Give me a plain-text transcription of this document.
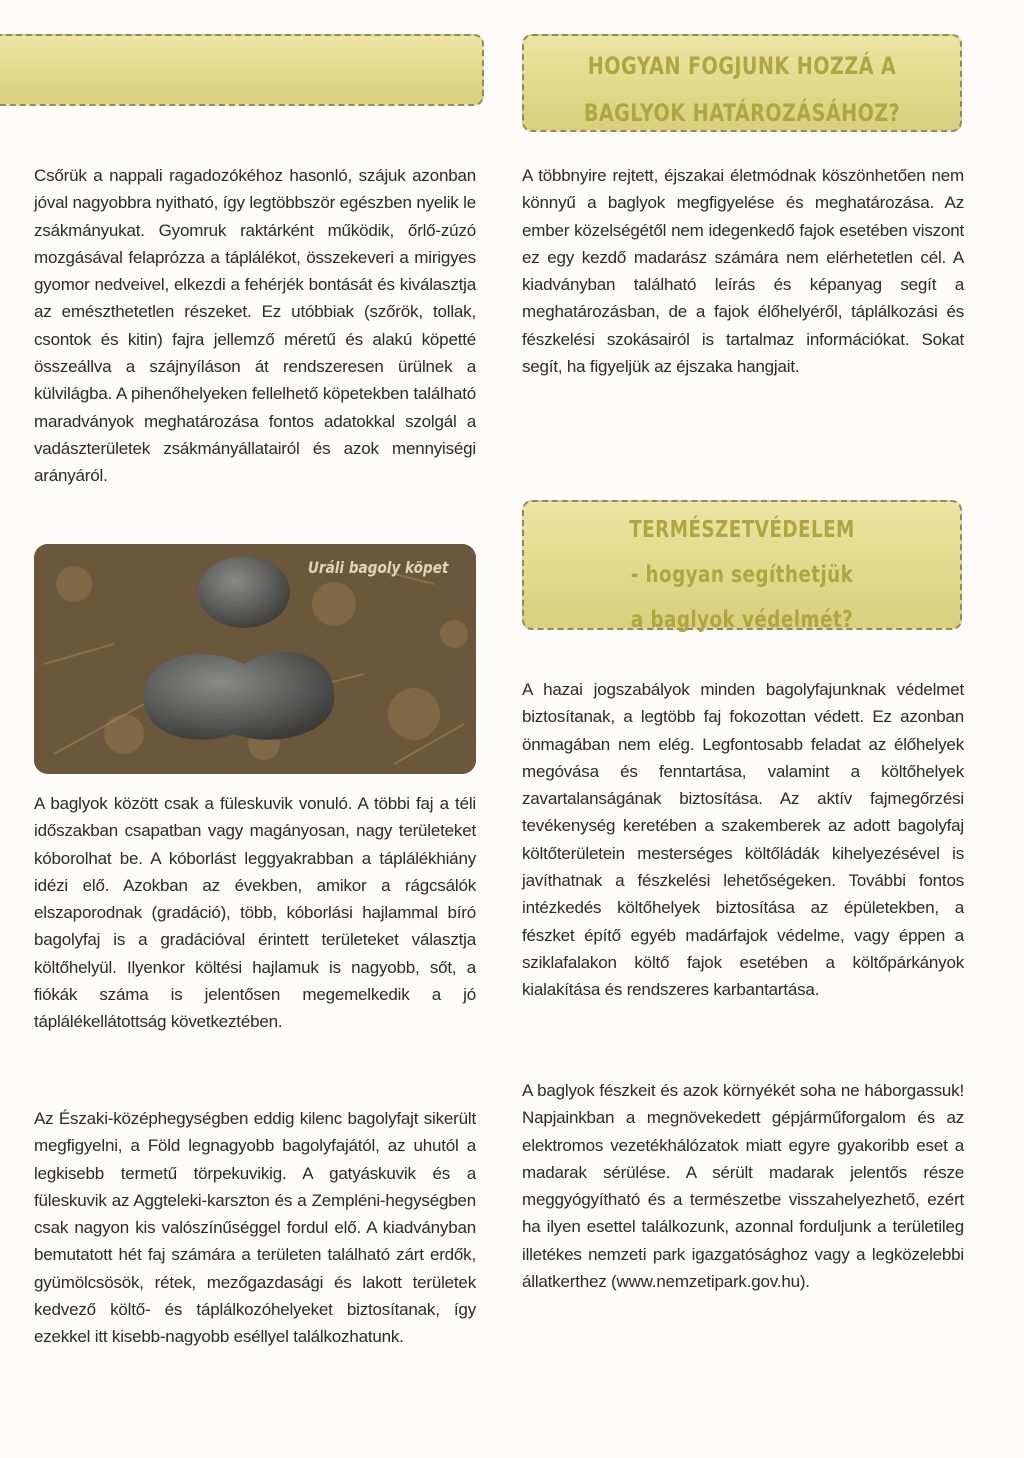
HOGYAN FOGJUNK HOZZÁ A

BAGLYOK HATÁROZÁSÁHOZ?

Csőrük a nappali ragadozókéhoz hasonló, szájuk azonban jóval nagyobbra nyitható, így legtöbbször egészben nyelik le zsákmányukat. Gyomruk raktárként működik, őrlő-zúzó mozgásával felaprózza a táplálékot, összekeveri a mirigyes gyomor nedveivel, elkezdi a fehérjék bontását és kiválasztja az emészthetetlen részeket. Ez utóbbiak (szőrök, tollak, csontok és kitin) fajra jellemző méretű és alakú köpetté összeállva a szájnyíláson át rendszeresen ürülnek a külvilágba. A pihenőhelyeken fellelhető köpetekben található maradványok meghatározása fontos adatokkal szolgál a vadászterületek zsákmányállatairól és azok mennyiségi arányáról.

Uráli bagoly köpet

A baglyok között csak a füleskuvik vonuló. A többi faj a téli időszakban csapatban vagy magányosan, nagy területeket kóborolhat be. A kóborlást leggyakrabban a táplálékhiány idézi elő. Azokban az években, amikor a rágcsálók elszaporodnak (gradáció), több, kóborlási hajlammal bíró bagolyfaj is a gradációval érintett területeket választja költőhelyül. Ilyenkor költési hajlamuk is nagyobb, sőt, a fiókák száma is jelentősen megemelkedik a jó táplálékellátottság következtében.

Az Északi-középhegységben eddig kilenc bagolyfajt sikerült megfigyelni, a Föld legnagyobb bagolyfajától, az uhutól a legkisebb termetű törpekuvikig. A gatyáskuvik és a füleskuvik az Aggteleki-karszton és a Zempléni-hegységben csak nagyon kis valószínűséggel fordul elő. A kiadványban bemutatott hét faj számára a területen található zárt erdők, gyümölcsösök, rétek, mezőgazdasági és lakott területek kedvező költő- és táplálkozóhelyeket biztosítanak, így ezekkel itt kisebb-nagyobb eséllyel találkozhatunk.

A többnyire rejtett, éjszakai életmódnak köszönhetően nem könnyű a baglyok megfigyelése és meghatározása. Az ember közelségétől nem idegenkedő fajok esetében viszont ez egy kezdő madarász számára nem elérhetetlen cél. A kiadványban található leírás és képanyag segít a meghatározásban, de a fajok élőhelyéről, táplálkozási és fészkelési szokásairól is tartalmaz információkat. Sokat segít, ha figyeljük az éjszaka hangjait.

TERMÉSZETVÉDELEM

- hogyan segíthetjük

a baglyok védelmét?

A hazai jogszabályok minden bagolyfajunknak védelmet biztosítanak, a legtöbb faj fokozottan védett. Ez azonban önmagában nem elég. Legfontosabb feladat az élőhelyek megóvása és fenntartása, valamint a költőhelyek zavartalanságának biztosítása. Az aktív fajmegőrzési tevékenység keretében a szakemberek az adott bagolyfaj költőterületein mesterséges költőládák kihelyezésével is javíthatnak a fészkelési lehetőségeken. További fontos intézkedés költőhelyek biztosítása az épületekben, a fészket építő egyéb madárfajok védelme, vagy éppen a sziklafalakon költő fajok esetében a költőpárkányok kialakítása és rendszeres karbantartása.

A baglyok fészkeit és azok környékét soha ne háborgassuk! Napjainkban a megnövekedett gépjárműforgalom és az elektromos vezetékhálózatok miatt egyre gyakoribb eset a madarak sérülése. A sérült madarak jelentős része meggyógyítható és a természetbe visszahelyezhető, ezért ha ilyen esettel találkozunk, azonnal forduljunk a területileg illetékes nemzeti park igazgatósághoz vagy a legközelebbi állatkerthez (www.nemzetipark.gov.hu).
